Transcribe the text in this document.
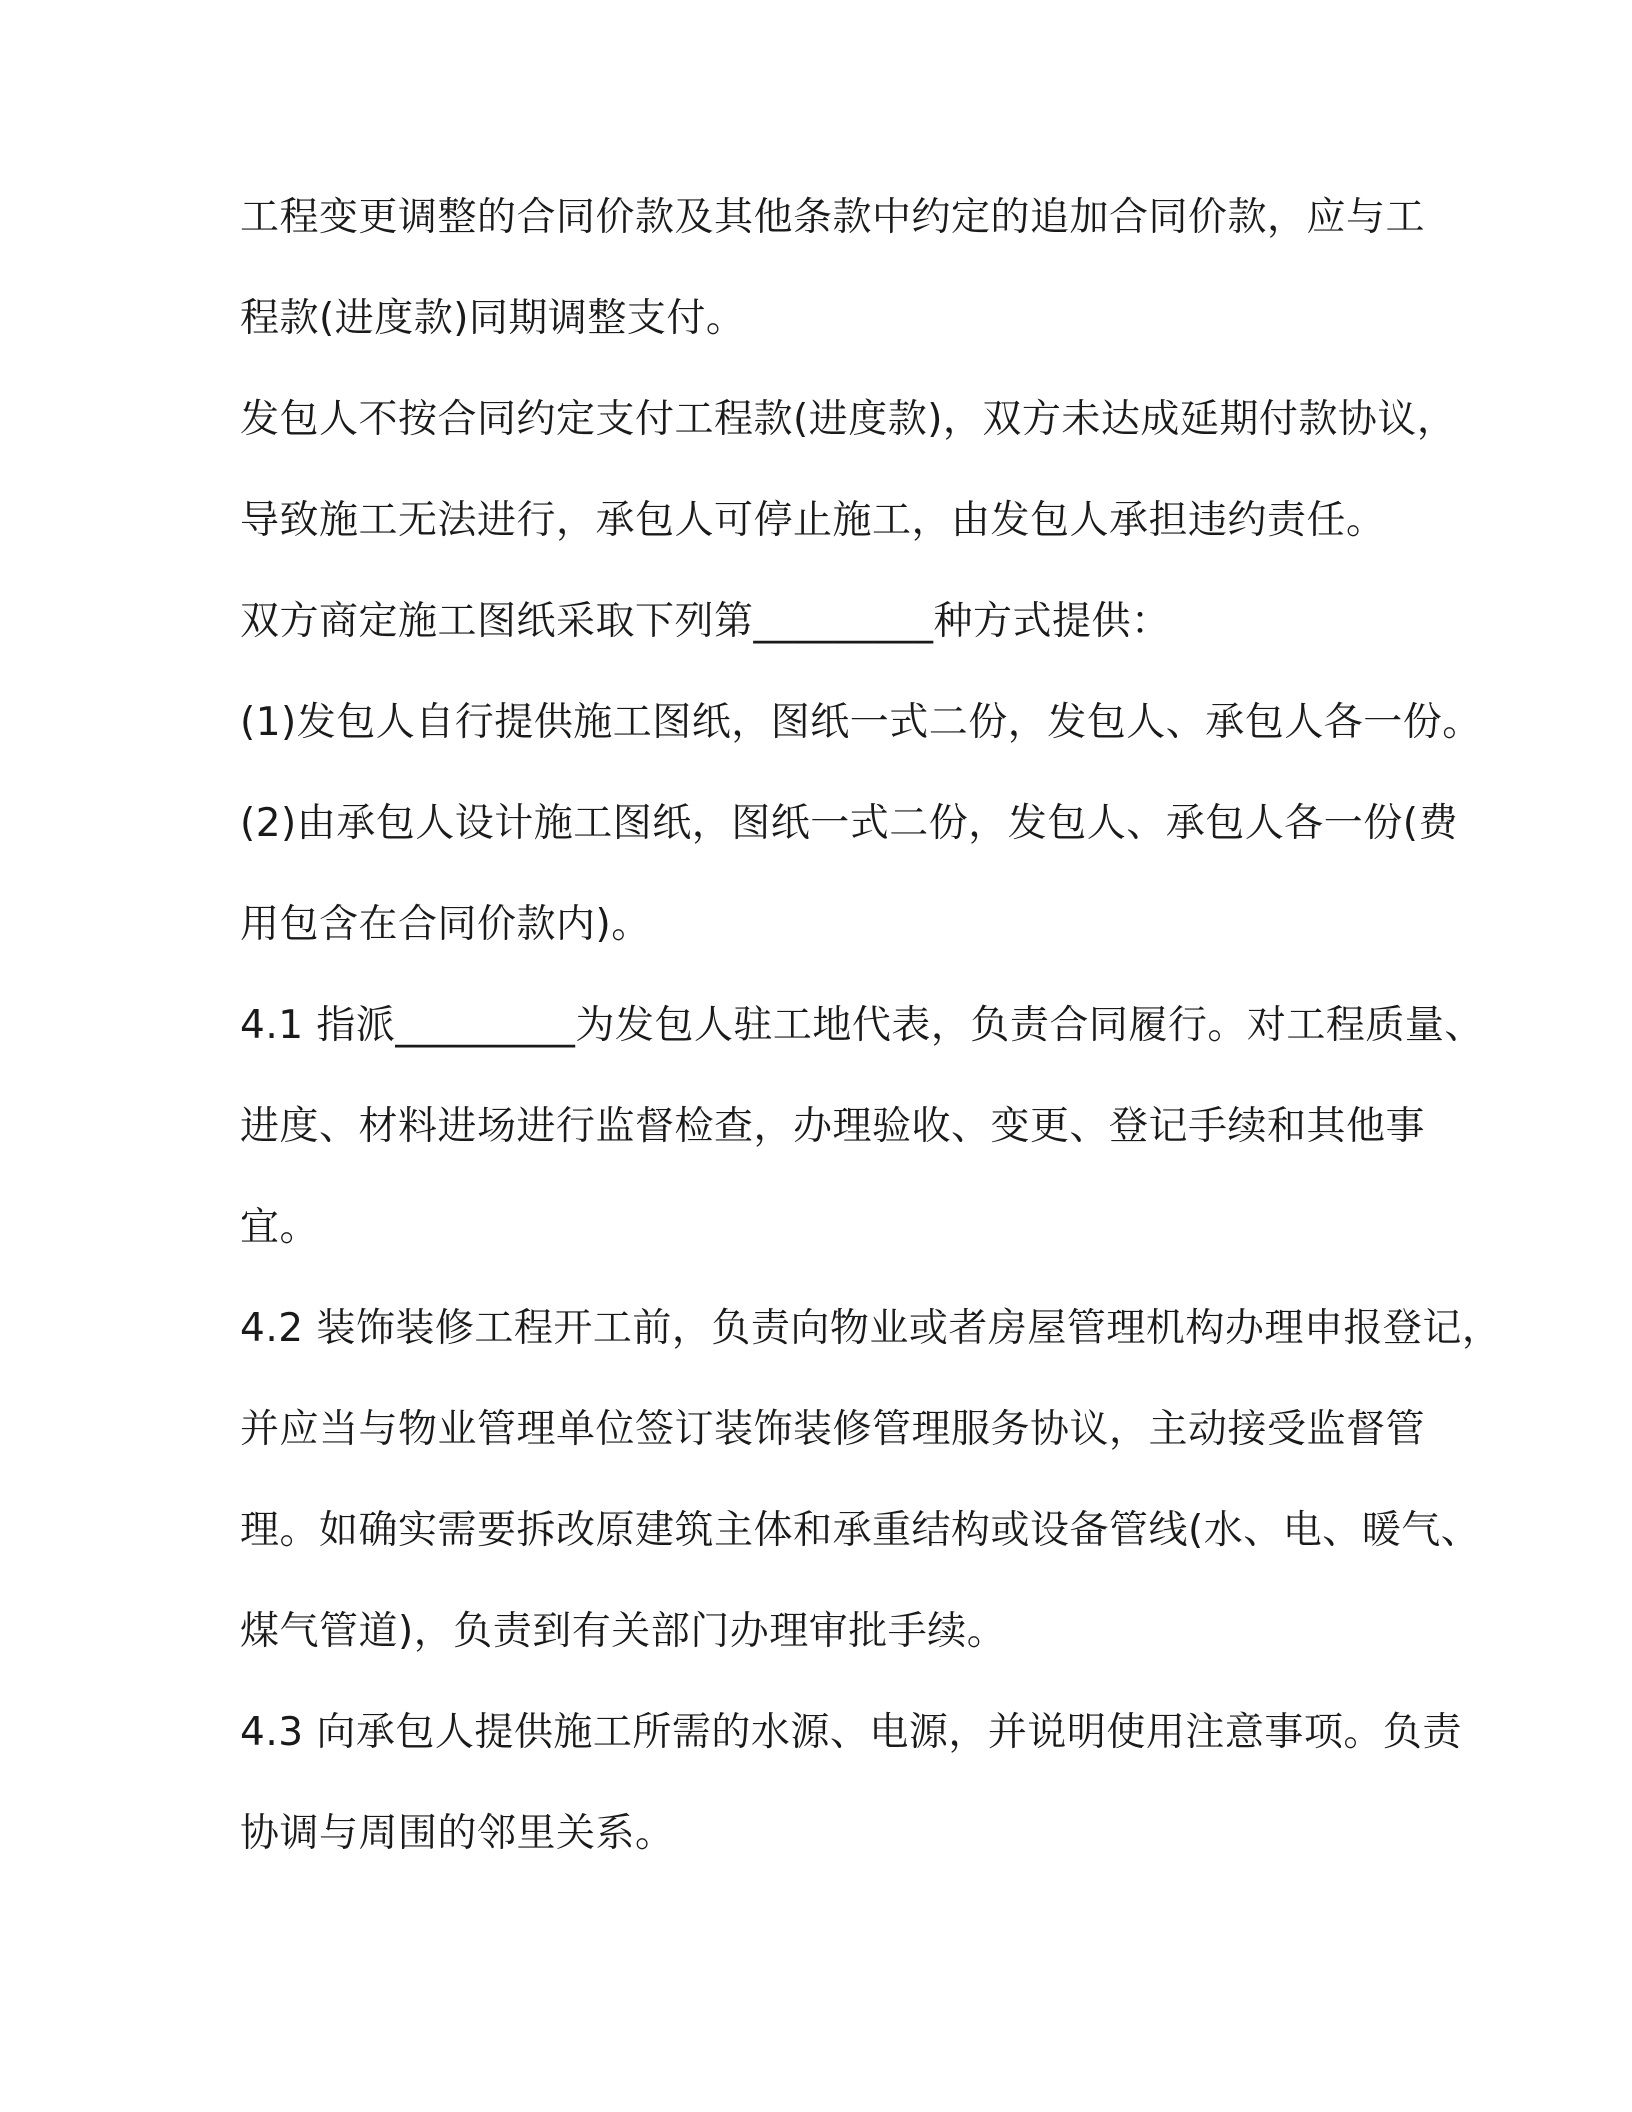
工程变更调整的合同价款及其他条款中约定的追加合同价款，应与工
程款(进度款)同期调整支付。
发包人不按合同约定支付工程款(进度款)，双方未达成延期付款协议，
导致施工无法进行，承包人可停止施工，由发包人承担违约责任。
双方商定施工图纸采取下列第_________种方式提供：
(1)发包人自行提供施工图纸，图纸一式二份，发包人、承包人各一份。
(2)由承包人设计施工图纸，图纸一式二份，发包人、承包人各一份(费
用包含在合同价款内)。
4.1 指派_________为发包人驻工地代表，负责合同履行。对工程质量、
进度、材料进场进行监督检查，办理验收、变更、登记手续和其他事
宜。
4.2 装饰装修工程开工前，负责向物业或者房屋管理机构办理申报登记，
并应当与物业管理单位签订装饰装修管理服务协议，主动接受监督管
理。如确实需要拆改原建筑主体和承重结构或设备管线(水、电、暖气、
煤气管道)，负责到有关部门办理审批手续。
4.3 向承包人提供施工所需的水源、电源，并说明使用注意事项。负责
协调与周围的邻里关系。
